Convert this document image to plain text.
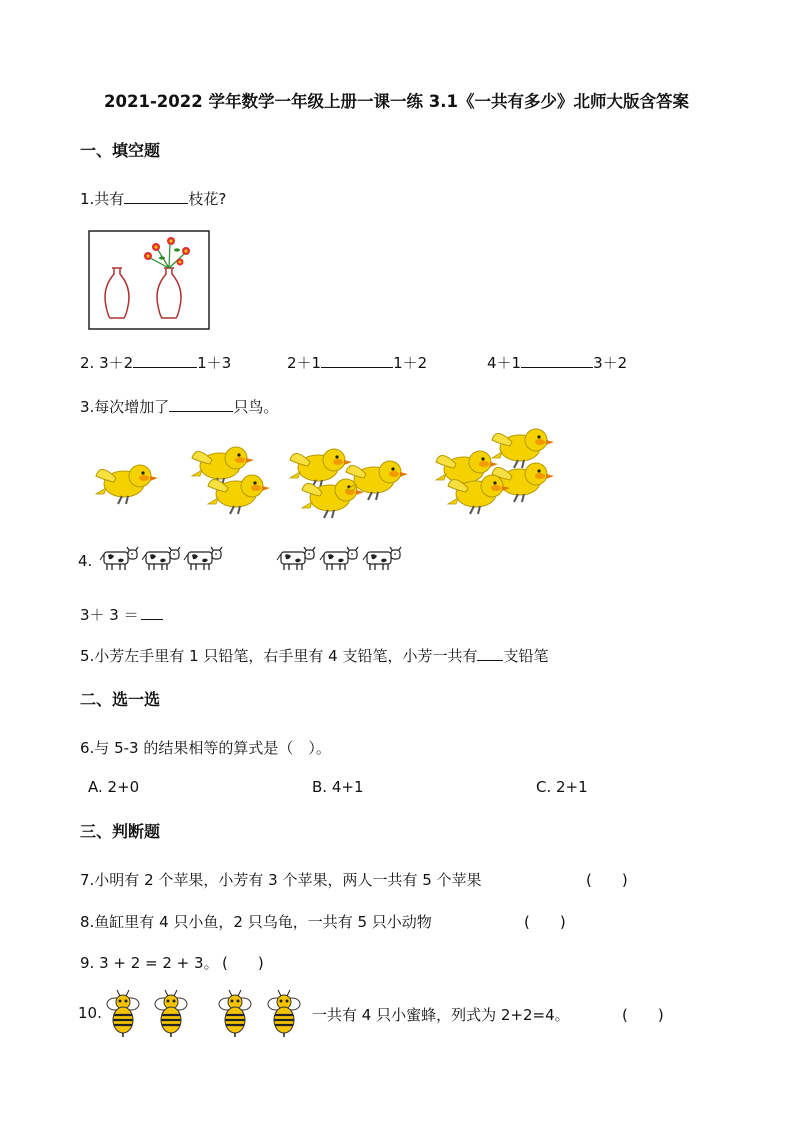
2021-2022 学年数学一年级上册一课一练 3.1《一共有多少》北师大版含答案
一、填空题
1.共有	枝花?
2. 3＋2	1＋3	2＋1	1＋2	4＋1	3＋2
3.每次增加了	只鸟。
4.
3＋ 3 ＝
5.小芳左手里有 1 只铅笔，右手里有 4 支铅笔，小芳一共有 支铅笔
二、选一选
6.与 5-3 的结果相等的算式是（　）。
A. 2+0	B. 4+1	C. 2+1
三、判断题
7.小明有 2 个苹果，小芳有 3 个苹果，两人一共有 5 个苹果	(　　)
8.鱼缸里有 4 只小鱼，2 只乌龟，一共有 5 只小动物	(　　)
9. 3 + 2 = 2 + 3。 (　　)
10.	一共有 4 只小蜜蜂，列式为 2+2=4。	(　　)
